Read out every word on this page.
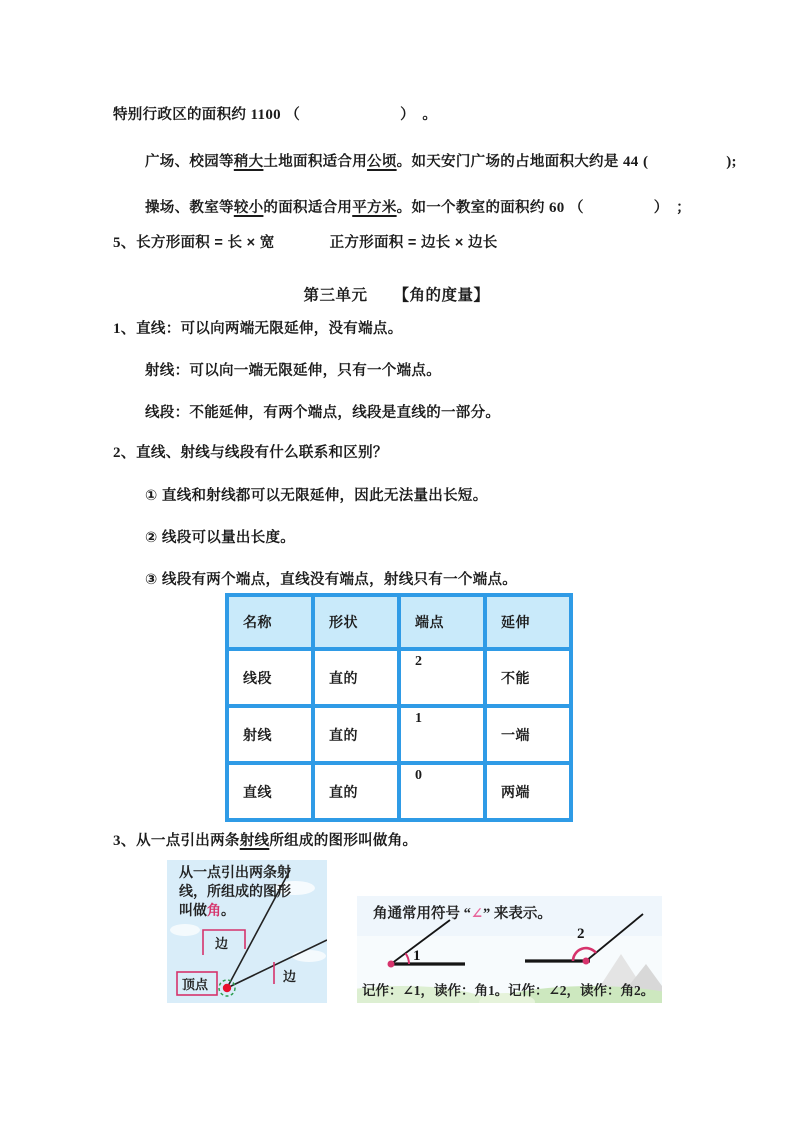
特别行政区的面积约 1100 （	）　。

广场、校园等稍大土地面积适合用公顷。如天安门广场的占地面积大约是 44 (	);

操场、教室等较小的面积适合用平方米。如一个教室的面积约 60 （	）　；

5、长方形面积 = 长 × 宽	正方形面积 = 边长 × 边长

第三单元 【角的度量】

1、直线：可以向两端无限延伸，没有端点。

射线：可以向一端无限延伸，只有一个端点。

线段：不能延伸，有两个端点，线段是直线的一部分。

2、直线、射线与线段有什么联系和区别？

① 直线和射线都可以无限延伸，因此无法量出长短。

② 线段可以量出长度。

③ 线段有两个端点，直线没有端点，射线只有一个端点。

名称	形状	端点	延伸
线段	直的	2	不能
射线	直的	1	一端
直线	直的	0	两端

3、从一点引出两条射线所组成的图形叫做角。

从一点引出两条射
线，所组成的图形
叫做角。
边
边
顶点
角通常用符号 “∠” 来表示。
1
记作：∠1，读作：角1。
2
记作：∠2，读作：角2。
